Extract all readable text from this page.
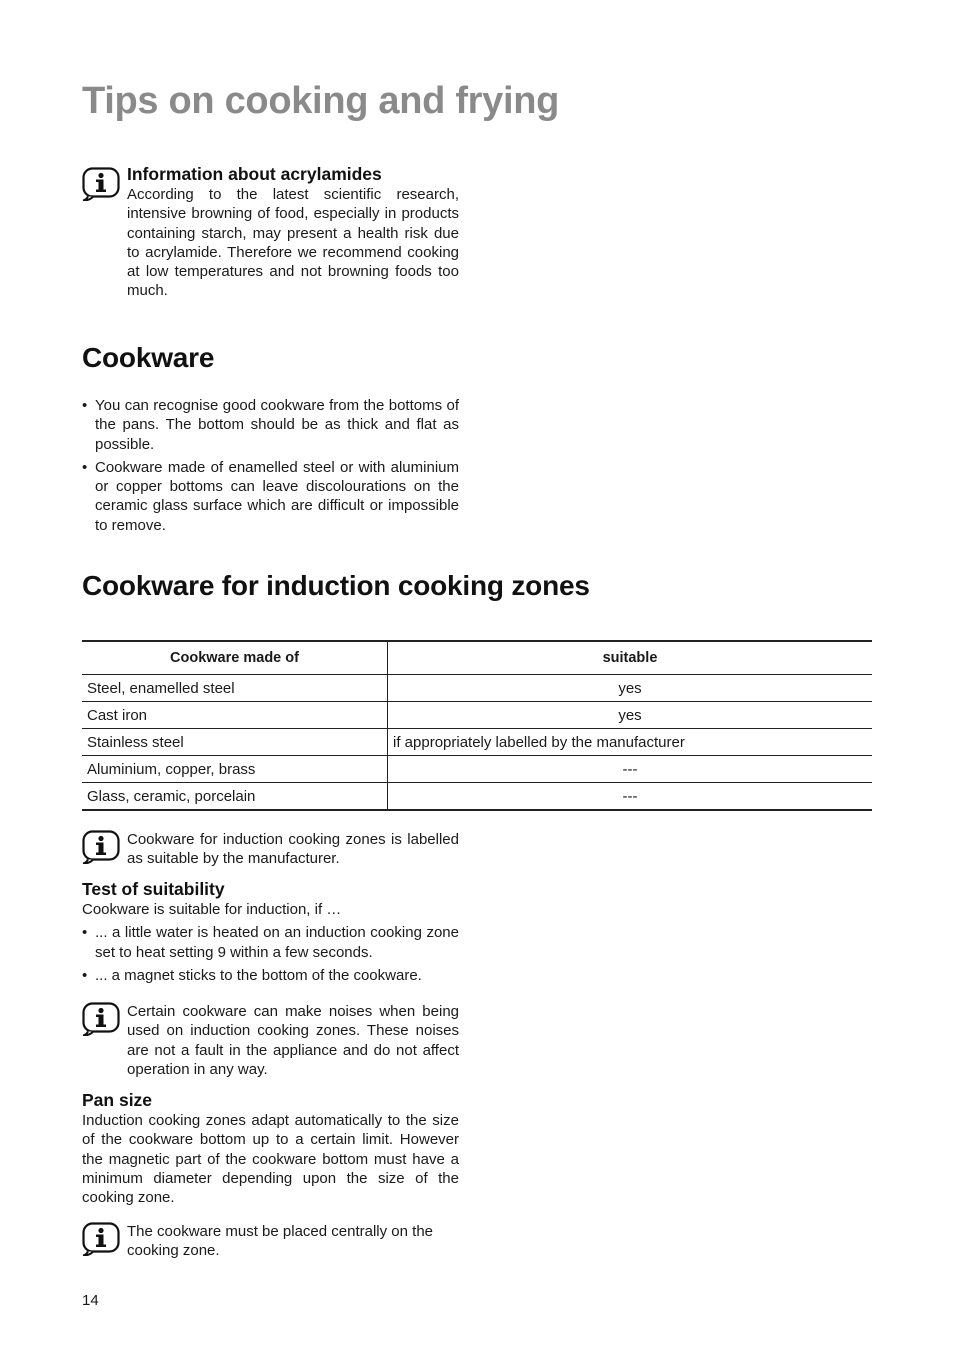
Tips on cooking and frying
Information about acrylamides

According to the latest scientific research, intensive browning of food, especially in products containing starch, may present a health risk due to acrylamide. Therefore we recommend cooking at low temperatures and not browning foods too much.

Cookware
• You can recognise good cookware from the bottoms of the pans. The bottom should be as thick and flat as possible.
• Cookware made of enamelled steel or with aluminium or copper bottoms can leave discolourations on the ceramic glass surface which are difficult or impossible to remove.
Cookware for induction cooking zones
Cookware made of	suitable
Steel, enamelled steel	yes
Cast iron	yes
Stainless steel	if appropriately labelled by the manufacturer
Aluminium, copper, brass	---
Glass, ceramic, porcelain	---

Cookware for induction cooking zones is labelled as suitable by the manufacturer.

Test of suitability

Cookware is suitable for induction, if …

• ... a little water is heated on an induction cooking zone set to heat setting 9 within a few seconds.
• ... a magnet sticks to the bottom of the cookware.

Certain cookware can make noises when being used on induction cooking zones. These noises are not a fault in the appliance and do not affect operation in any way.

Pan size

Induction cooking zones adapt automatically to the size of the cookware bottom up to a certain limit. However the magnetic part of the cookware bottom must have a minimum diameter depending upon the size of the cooking zone.

The cookware must be placed centrally on the cooking zone.

14
